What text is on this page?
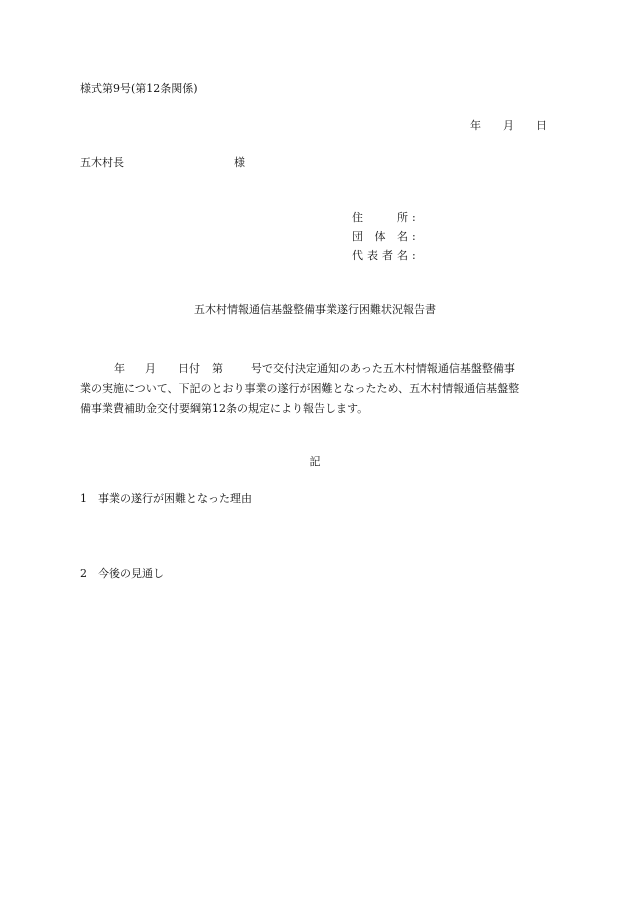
様式第9号(第12条関係)
年 月 日
五木村長	様
住　所 :
団体名 :
代表者名 :
五木村情報通信基盤整備事業遂行困難状況報告書
年 月 日付 第	号で交付決定通知のあった五木村情報通信基盤整備事
業の実施について、下記のとおり事業の遂行が困難となったため、五木村情報通信基盤整
備事業費補助金交付要綱第12条の規定により報告します。
記
1 事業の遂行が困難となった理由
2 今後の見通し
